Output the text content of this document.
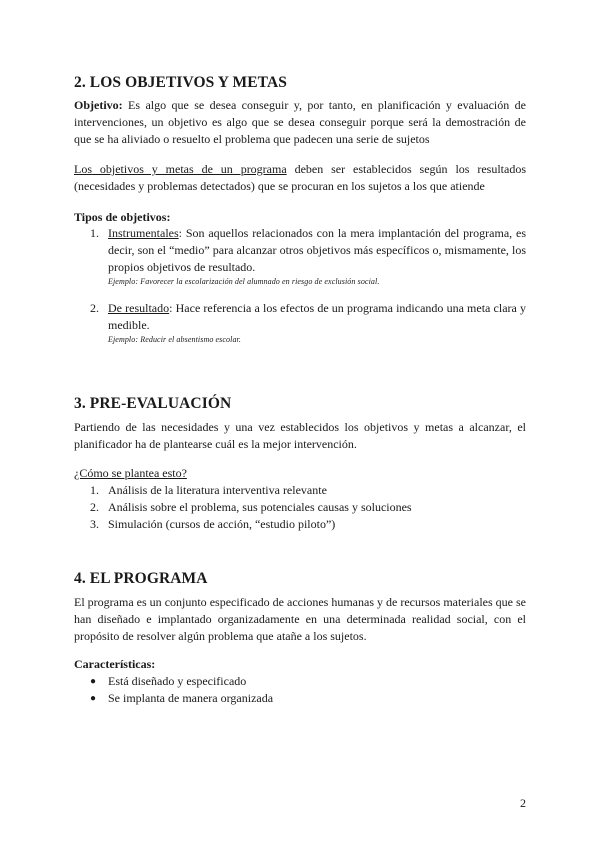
2. LOS OBJETIVOS Y METAS

Objetivo: Es algo que se desea conseguir y, por tanto, en planificación y evaluación de intervenciones, un objetivo es algo que se desea conseguir porque será la demostración de que se ha aliviado o resuelto el problema que padecen una serie de sujetos

Los objetivos y metas de un programa deben ser establecidos según los resultados (necesidades y problemas detectados) que se procuran en los sujetos a los que atiende

Tipos de objetivos:
1. Instrumentales: Son aquellos relacionados con la mera implantación del programa, es decir, son el “medio” para alcanzar otros objetivos más específicos o, mismamente, los propios objetivos de resultado.
Ejemplo: Favorecer la escolarización del alumnado en riesgo de exclusión social.
2. De resultado: Hace referencia a los efectos de un programa indicando una meta clara y medible.
Ejemplo: Reducir el absentismo escolar.
3. PRE-EVALUACIÓN

Partiendo de las necesidades y una vez establecidos los objetivos y metas a alcanzar, el planificador ha de plantearse cuál es la mejor intervención.

¿Cómo se plantea esto?

1. Análisis de la literatura interventiva relevante
2. Análisis sobre el problema, sus potenciales causas y soluciones
3. Simulación (cursos de acción, “estudio piloto”)
4. EL PROGRAMA

El programa es un conjunto especificado de acciones humanas y de recursos materiales que se han diseñado e implantado organizadamente en una determinada realidad social, con el propósito de resolver algún problema que atañe a los sujetos.

Características:
● Está diseñado y especificado
● Se implanta de manera organizada
2
